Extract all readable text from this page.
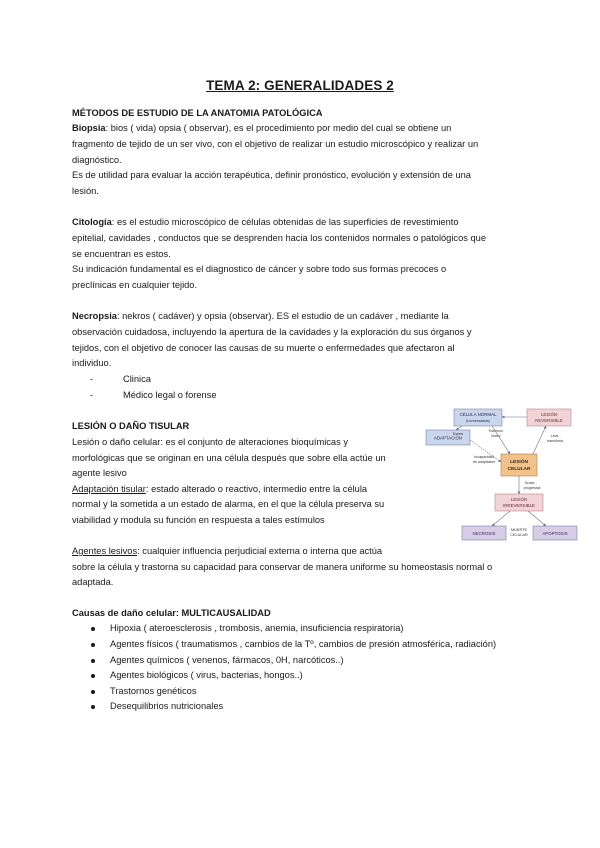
TEMA 2: GENERALIDADES 2
MÉTODOS DE ESTUDIO DE LA ANATOMIA PATOLÓGICA
Biopsia: bios ( vida) opsia ( observar), es el procedimiento por medio del cual se obtiene un
fragmento de tejido de un ser vivo, con el objetivo de realizar un estudio microscópico y realizar un
diagnóstico.
Es de utilidad para evaluar la acción terapéutica, definir pronóstico, evolución y extensión de una
lesión.
Citología: es el estudio microscópico de células obtenidas de las superficies de revestimiento
epitelial, cavidades , conductos que se desprenden hacia los contenidos normales o patológicos que
se encuentran es estos.
Su indicación fundamental es el diagnostico de cáncer y sobre todo sus formas precoces o
preclínicas en cualquier tejido.
Necropsia: nekros ( cadáver) y opsia (observar). ES el estudio de un cadáver , mediante la
observación cuidadosa, incluyendo la apertura de la cavidades y la exploración du sus órganos y
tejidos, con el objetivo de conocer las causas de su muerte o enfermedades que afectaron al
individuo.
-	Clinica
-	Médico legal o forense
LESIÓN O DAÑO TISULAR
Lesión o daño celular: es el conjunto de alteraciones bioquímicas y
morfológicas que se originan en una célula después que sobre ella actúe un
agente lesivo
Adaptación tisular: estado alterado o reactivo, intermedio entre la célula
normal y la sometida a un estado de alarma, en el que la célula preserva su
viabilidad y modula su función en respuesta a tales estímulos
Agentes lesivos: cualquier influencia perjudicial externa o interna que actúa
sobre la célula y trastorna su capacidad para conservar de manera uniforme su homeostasis normal o
adaptada.
CÉLULA NORMAL
(homeostasis)
LESIÓN
REVERSIBLE
ADAPTACIÓN
LESIÓN
CELULAR
LESIÓN
IRREVERSIBLE
NECROSIS	APOPTOSIS
MUERTE
CELULAR
Estrés
Estímulo
lesivo	Leve,
transitoria
Incapacidad
de adaptación
Grave,
progresiva
Causas de daño celular: MULTICAUSALIDAD
Hipoxia ( ateroesclerosis , trombosis, anemia, insuficiencia respiratoria)
Agentes físicos ( traumatismos , cambios de la Tº, cambios de presión atmosférica, radiación)
Agentes químicos ( venenos, fármacos, 0H, narcóticos..)
Agentes biológicos ( virus, bacterias, hongos..)
Trastornos genéticos
Desequilibrios nutricionales
